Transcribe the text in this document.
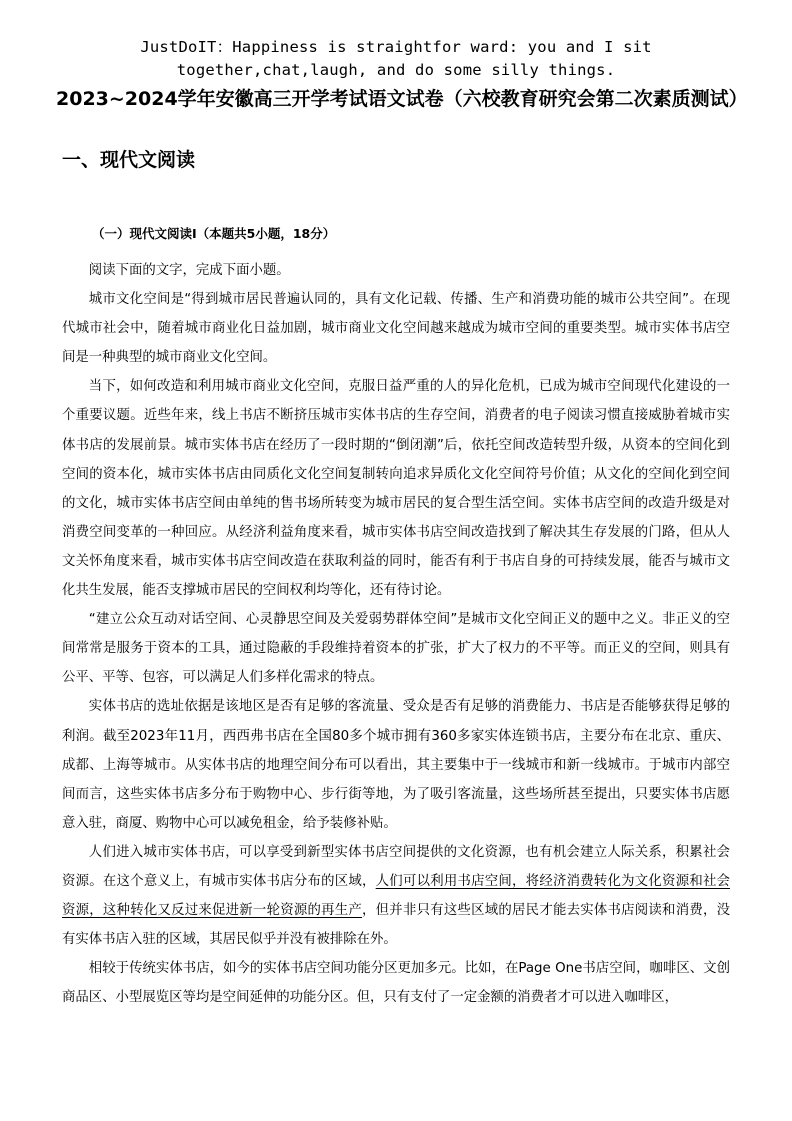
JustDoIT：Happiness is straightfor ward: you and I sit
together,chat,laugh, and do some silly things.
2023~2024学年安徽高三开学考试语文试卷（六校教育研究会第二次素质测试）
一、现代文阅读
（一）现代文阅读Ⅰ（本题共5小题，18分）

阅读下面的文字，完成下面小题。

城市文化空间是“得到城市居民普遍认同的，具有文化记载、传播、生产和消费功能的城市公共空间”。在现代城市社会中，随着城市商业化日益加剧，城市商业文化空间越来越成为城市空间的重要类型。城市实体书店空间是一种典型的城市商业文化空间。

当下，如何改造和利用城市商业文化空间，克服日益严重的人的异化危机，已成为城市空间现代化建设的一个重要议题。近些年来，线上书店不断挤压城市实体书店的生存空间，消费者的电子阅读习惯直接威胁着城市实体书店的发展前景。城市实体书店在经历了一段时期的“倒闭潮”后，依托空间改造转型升级，从资本的空间化到空间的资本化，城市实体书店由同质化文化空间复制转向追求异质化文化空间符号价值；从文化的空间化到空间的文化，城市实体书店空间由单纯的售书场所转变为城市居民的复合型生活空间。实体书店空间的改造升级是对消费空间变革的一种回应。从经济利益角度来看，城市实体书店空间改造找到了解决其生存发展的门路，但从人文关怀角度来看，城市实体书店空间改造在获取利益的同时，能否有利于书店自身的可持续发展，能否与城市文化共生发展，能否支撑城市居民的空间权利均等化，还有待讨论。

“建立公众互动对话空间、心灵静思空间及关爱弱势群体空间”是城市文化空间正义的题中之义。非正义的空间常常是服务于资本的工具，通过隐蔽的手段维持着资本的扩张，扩大了权力的不平等。而正义的空间，则具有公平、平等、包容，可以满足人们多样化需求的特点。

实体书店的选址依据是该地区是否有足够的客流量、受众是否有足够的消费能力、书店是否能够获得足够的利润。截至2023年11月，西西弗书店在全国80多个城市拥有360多家实体连锁书店，主要分布在北京、重庆、成都、上海等城市。从实体书店的地理空间分布可以看出，其主要集中于一线城市和新一线城市。于城市内部空间而言，这些实体书店多分布于购物中心、步行街等地，为了吸引客流量，这些场所甚至提出，只要实体书店愿意入驻，商厦、购物中心可以减免租金，给予装修补贴。

人们进入城市实体书店，可以享受到新型实体书店空间提供的文化资源，也有机会建立人际关系，积累社会资源。在这个意义上，有城市实体书店分布的区域，人们可以利用书店空间，将经济消费转化为文化资源和社会资源，这种转化又反过来促进新一轮资源的再生产，但并非只有这些区域的居民才能去实体书店阅读和消费，没有实体书店入驻的区域，其居民似乎并没有被排除在外。

相较于传统实体书店，如今的实体书店空间功能分区更加多元。比如，在Page One书店空间，咖啡区、文创商品区、小型展览区等均是空间延伸的功能分区。但，只有支付了一定金额的消费者才可以进入咖啡区，
